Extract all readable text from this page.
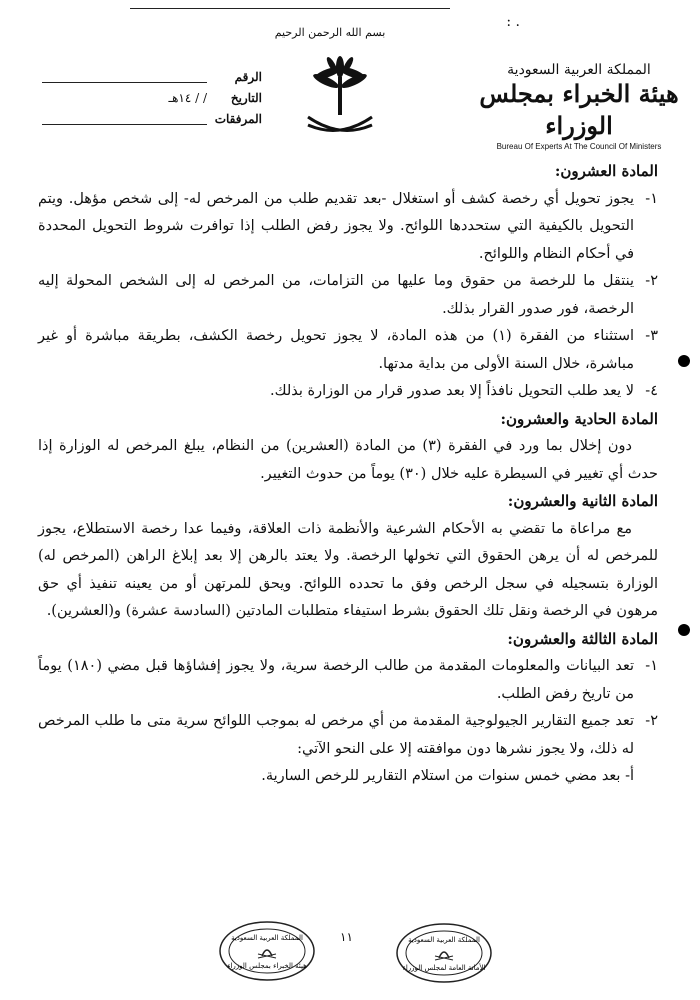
: .
بسم الله الرحمن الرحيم
المملكة العربية السعودية
هيئة الخبراء بمجلس الوزراء
Bureau Of Experts At The Council Of Ministers
الرقم
التاريخ
/ / ١٤هـ
المرفقات

المادة العشرون:

١-
يجوز تحويل أي رخصة كشف أو استغلال -بعد تقديم طلب من المرخص له- إلى شخص مؤهل. ويتم التحويل بالكيفية التي ستحددها اللوائح. ولا يجوز رفض الطلب إذا توافرت شروط التحويل المحددة في أحكام النظام واللوائح.
٢-
ينتقل ما للرخصة من حقوق وما عليها من التزامات، من المرخص له إلى الشخص المحولة إليه الرخصة، فور صدور القرار بذلك.
٣-
استثناء من الفقرة (١) من هذه المادة، لا يجوز تحويل رخصة الكشف، بطريقة مباشرة أو غير مباشرة، خلال السنة الأولى من بداية مدتها.
٤-
لا يعد طلب التحويل نافذاً إلا بعد صدور قرار من الوزارة بذلك.

المادة الحادية والعشرون:

دون إخلال بما ورد في الفقرة (٣) من المادة (العشرين) من النظام، يبلغ المرخص له الوزارة إذا حدث أي تغيير في السيطرة عليه خلال (٣٠) يوماً من حدوث التغيير.

المادة الثانية والعشرون:

مع مراعاة ما تقضي به الأحكام الشرعية والأنظمة ذات العلاقة، وفيما عدا رخصة الاستطلاع، يجوز للمرخص له أن يرهن الحقوق التي تخولها الرخصة. ولا يعتد بالرهن إلا بعد إبلاغ الراهن (المرخص له) الوزارة بتسجيله في سجل الرخص وفق ما تحدده اللوائح. ويحق للمرتهن أو من يعينه تنفيذ أي حق مرهون في الرخصة ونقل تلك الحقوق بشرط استيفاء متطلبات المادتين (السادسة عشرة) و(العشرين).

المادة الثالثة والعشرون:

١-
تعد البيانات والمعلومات المقدمة من طالب الرخصة سرية، ولا يجوز إفشاؤها قبل مضي (١٨٠) يوماً من تاريخ رفض الطلب.
٢-
تعد جميع التقارير الجيولوجية المقدمة من أي مرخص له بموجب اللوائح سرية متى ما طلب المرخص له ذلك، ولا يجوز نشرها دون موافقته إلا على النحو الآتي:

أ- بعد مضي خمس سنوات من استلام التقارير للرخص السارية.

١١
المملكة العربية السعودية
هيئة الخبراء بمجلس الوزراء
المملكة العربية السعودية
الأمانة العامة لمجلس الوزراء
